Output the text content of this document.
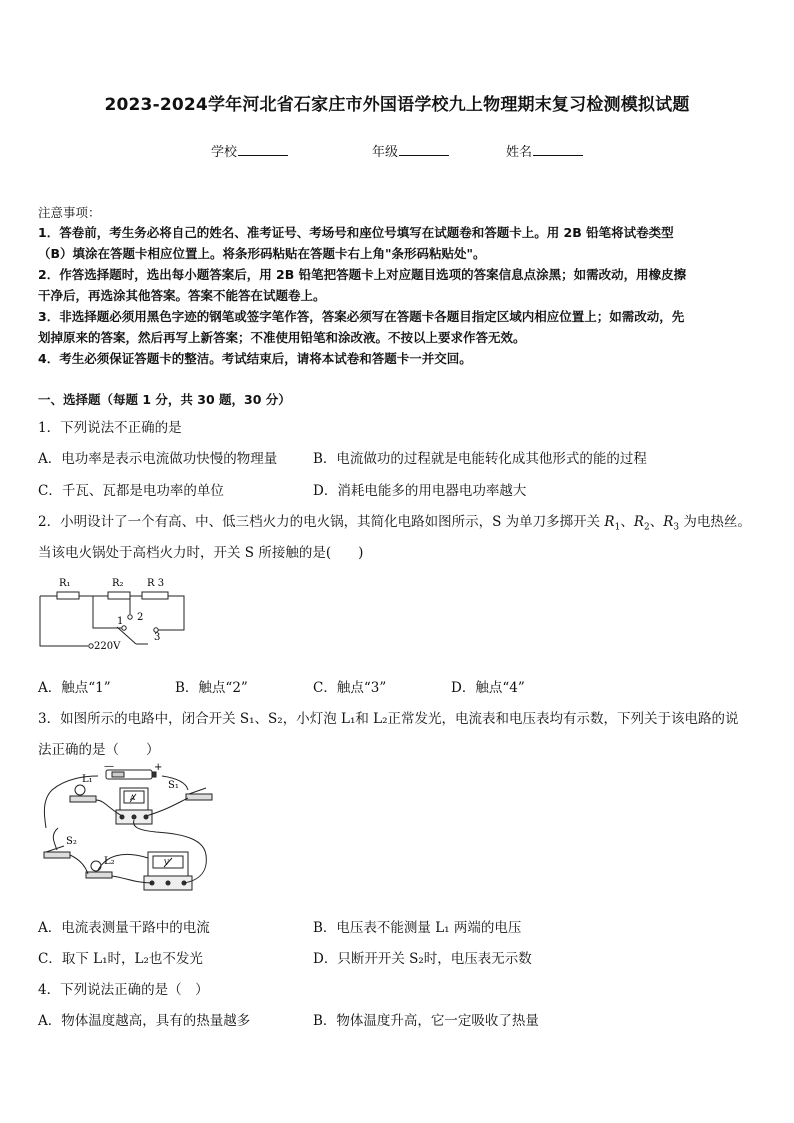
2023-2024学年河北省石家庄市外国语学校九上物理期末复习检测模拟试题
学校	年级	姓名
注意事项：
1．答卷前，考生务必将自己的姓名、准考证号、考场号和座位号填写在试题卷和答题卡上。用 2B 铅笔将试卷类型
（B）填涂在答题卡相应位置上。将条形码粘贴在答题卡右上角"条形码粘贴处"。
2．作答选择题时，选出每小题答案后，用 2B 铅笔把答题卡上对应题目选项的答案信息点涂黑；如需改动，用橡皮擦
干净后，再选涂其他答案。答案不能答在试题卷上。
3．非选择题必须用黑色字迹的钢笔或签字笔作答，答案必须写在答题卡各题目指定区域内相应位置上；如需改动，先
划掉原来的答案，然后再写上新答案；不准使用铅笔和涂改液。不按以上要求作答无效。
4．考生必须保证答题卡的整洁。考试结束后，请将本试卷和答题卡一并交回。
一、选择题（每题 1 分，共 30 题，30 分）
1．下列说法不正确的是
A．电功率是表示电流做功快慢的物理量	B．电流做功的过程就是电能转化成其他形式的能的过程
C．千瓦、瓦都是电功率的单位	D．消耗电能多的用电器电功率越大
2．小明设计了一个有高、中、低三档火力的电火锅，其简化电路如图所示，S 为单刀多掷开关 $R_1$、$R_2$、$R_3$ 为电热丝。
当该电火锅处于高档火力时，开关 S 所接触的是(　　)
R₁	R₂ R 3
1 2
3
220V
A．触点“1”	B．触点“2”	C．触点“3”	D．触点“4”
3．如图所示的电路中，闭合开关 S₁、S₂，小灯泡 L₁和 L₂正常发光，电流表和电压表均有示数，下列关于该电路的说
法正确的是（　　）
—	+
S₁
L₁
A
S₂
L₂	V
A．电流表测量干路中的电流	B．电压表不能测量 L₁ 两端的电压
C．取下 L₁时，L₂也不发光	D．只断开开关 S₂时，电压表无示数
4．下列说法正确的是（　）
A．物体温度越高，具有的热量越多	B．物体温度升高，它一定吸收了热量
